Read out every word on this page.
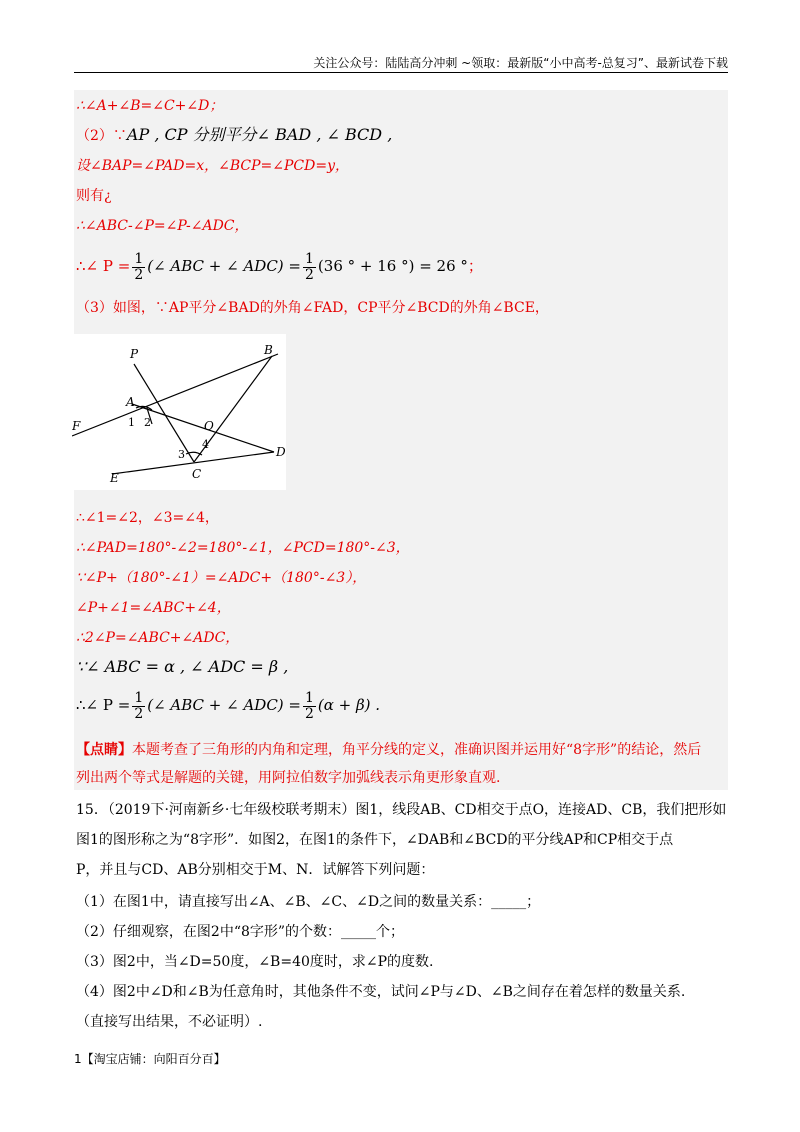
关注公众号：陆陆高分冲刺 ~领取：最新版“小中高考-总复习”、最新试卷下载
∴∠A+∠B=∠C+∠D；
（2）∵AP , CP 分别平分∠ BAD , ∠ BCD ,
设∠BAP=∠PAD=x，∠BCP=∠PCD=y，
则有¿
∴∠ABC-∠P=∠P-∠ADC，
∴∠ $P = \frac{1}{2}$ (∠ ABC + ∠ $ADC) = \frac{1}{2} (36$ ° + 16 °) = 26 °；
（3）如图，∵AP平分∠BAD的外角∠FAD，CP平分∠BCD的外角∠BCE，
P	B
A
F	O
D
C
E
1 2
3
4
∴∠1=∠2，∠3=∠4，
∴∠PAD=180°-∠2=180°-∠1，∠PCD=180°-∠3，
∵∠P+（180°-∠1）=∠ADC+（180°-∠3），
∠P+∠1=∠ABC+∠4，
∴2∠P=∠ABC+∠ADC，
∵∠ ABC = α , ∠ ADC = β ,
∴∠ $P = \frac{1}{2}$ (∠ ABC + ∠ $ADC) = \frac{1}{2} (\alpha + \beta)$ .
【点睛】本题考查了三角形的内角和定理，角平分线的定义，准确识图并运用好“8字形”的结论，然后
列出两个等式是解题的关键，用阿拉伯数字加弧线表示角更形象直观.
15．（2019下·河南新乡·七年级校联考期末）图1，线段AB、CD相交于点O，连接AD、CB，我们把形如
图1的图形称之为“8字形”．如图2，在图1的条件下，∠DAB和∠BCD的平分线AP和CP相交于点
P，并且与CD、AB分别相交于M、N．试解答下列问题：
（1）在图1中，请直接写出∠A、∠B、∠C、∠D之间的数量关系：_____；
（2）仔细观察，在图2中“8字形”的个数：_____个；
（3）图2中，当∠D=50度，∠B=40度时，求∠P的度数.
（4）图2中∠D和∠B为任意角时，其他条件不变，试问∠P与∠D、∠B之间存在着怎样的数量关系.
（直接写出结果，不必证明）.
1【淘宝店铺：向阳百分百】
